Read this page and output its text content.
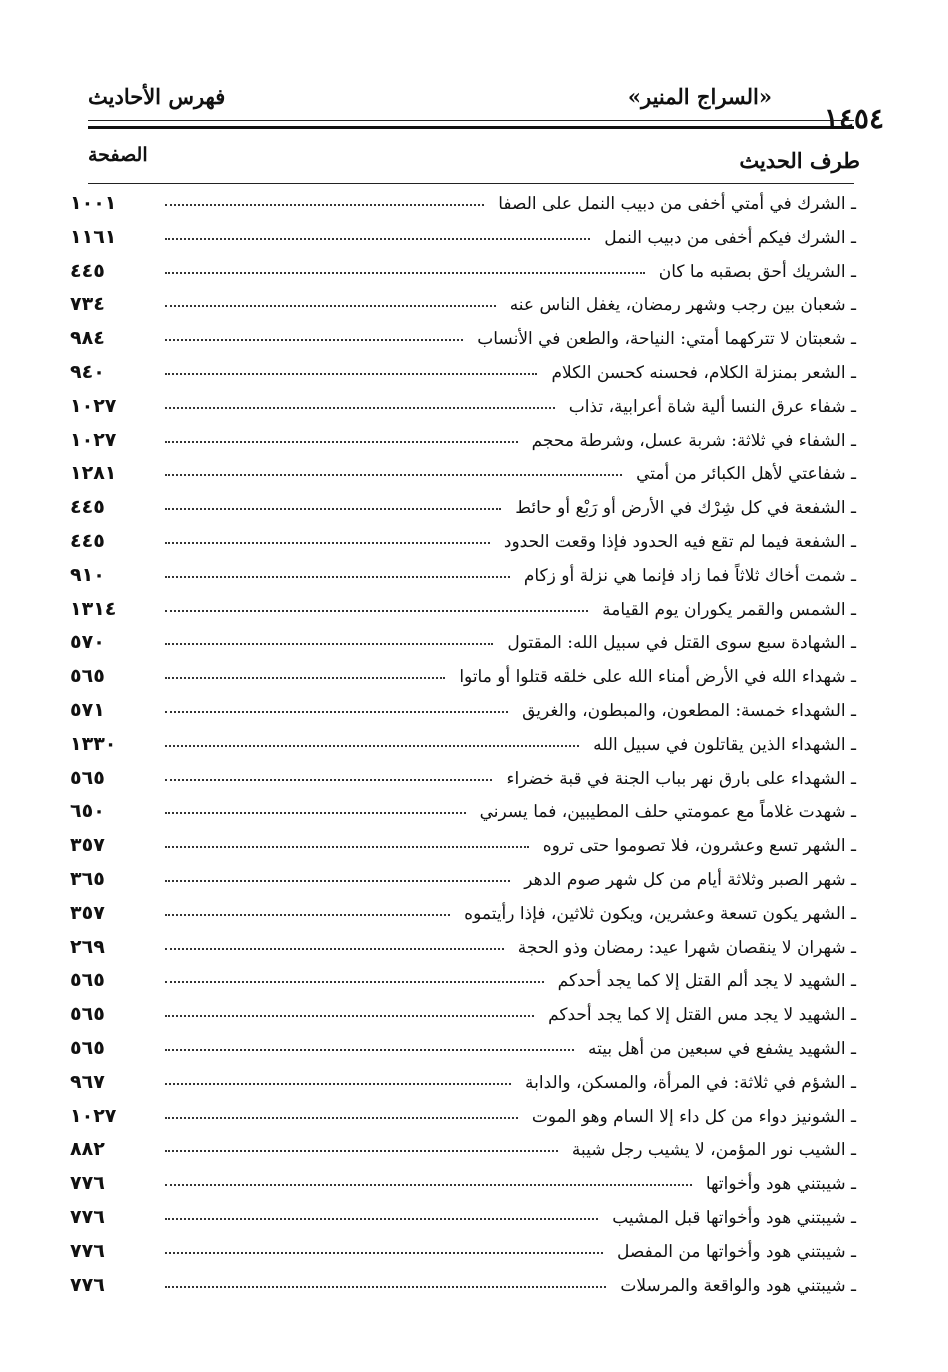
فهرس الأحاديث	«السراج المنير»
١٤٥٤
طرف الحديث
الصفحة
ـ الشرك في أمتي أخفى من دبيب النمل على الصفا
١٠٠١
ـ الشرك فيكم أخفى من دبيب النمل
١١٦١
ـ الشريك أحق بصقبه ما كان
٤٤٥
ـ شعبان بين رجب وشهر رمضان، يغفل الناس عنه
٧٣٤
ـ شعبتان لا تتركهما أمتي: النياحة، والطعن في الأنساب
٩٨٤
ـ الشعر بمنزلة الكلام، فحسنه كحسن الكلام
٩٤٠
ـ شفاء عرق النسا ألية شاة أعرابية، تذاب
١٠٢٧
ـ الشفاء في ثلاثة: شربة عسل، وشرطة محجم
١٠٢٧
ـ شفاعتي لأهل الكبائر من أمتي
١٢٨١
ـ الشفعة في كل شِرْك في الأرض أو رَبْع أو حائط
٤٤٥
ـ الشفعة فيما لم تقع فيه الحدود فإذا وقعت الحدود
٤٤٥
ـ شمت أخاك ثلاثاً فما زاد فإنما هي نزلة أو زكام
٩١٠
ـ الشمس والقمر يكوران يوم القيامة
١٣١٤
ـ الشهادة سبع سوى القتل في سبيل الله: المقتول
٥٧٠
ـ شهداء الله في الأرض أمناء الله على خلقه قتلوا أو ماتوا
٥٦٥
ـ الشهداء خمسة: المطعون، والمبطون، والغريق
٥٧١
ـ الشهداء الذين يقاتلون في سبيل الله
١٣٣٠
ـ الشهداء على بارق نهر بباب الجنة في قبة خضراء
٥٦٥
ـ شهدت غلاماً مع عمومتي حلف المطيبين، فما يسرني
٦٥٠
ـ الشهر تسع وعشرون، فلا تصوموا حتى تروه
٣٥٧
ـ شهر الصبر وثلاثة أيام من كل شهر صوم الدهر
٣٦٥
ـ الشهر يكون تسعة وعشرين، ويكون ثلاثين، فإذا رأيتموه
٣٥٧
ـ شهران لا ينقصان شهرا عيد: رمضان وذو الحجة
٢٦٩
ـ الشهيد لا يجد ألم القتل إلا كما يجد أحدكم
٥٦٥
ـ الشهيد لا يجد مس القتل إلا كما يجد أحدكم
٥٦٥
ـ الشهيد يشفع في سبعين من أهل بيته
٥٦٥
ـ الشؤم في ثلاثة: في المرأة، والمسكن، والدابة
٩٦٧
ـ الشونيز دواء من كل داء إلا السام وهو الموت
١٠٢٧
ـ الشيب نور المؤمن، لا يشيب رجل شيبة
٨٨٢
ـ شيبتني هود وأخواتها
٧٧٦
ـ شيبتني هود وأخواتها قبل المشيب
٧٧٦
ـ شيبتني هود وأخواتها من المفصل
٧٧٦
ـ شيبتني هود والواقعة والمرسلات
٧٧٦
